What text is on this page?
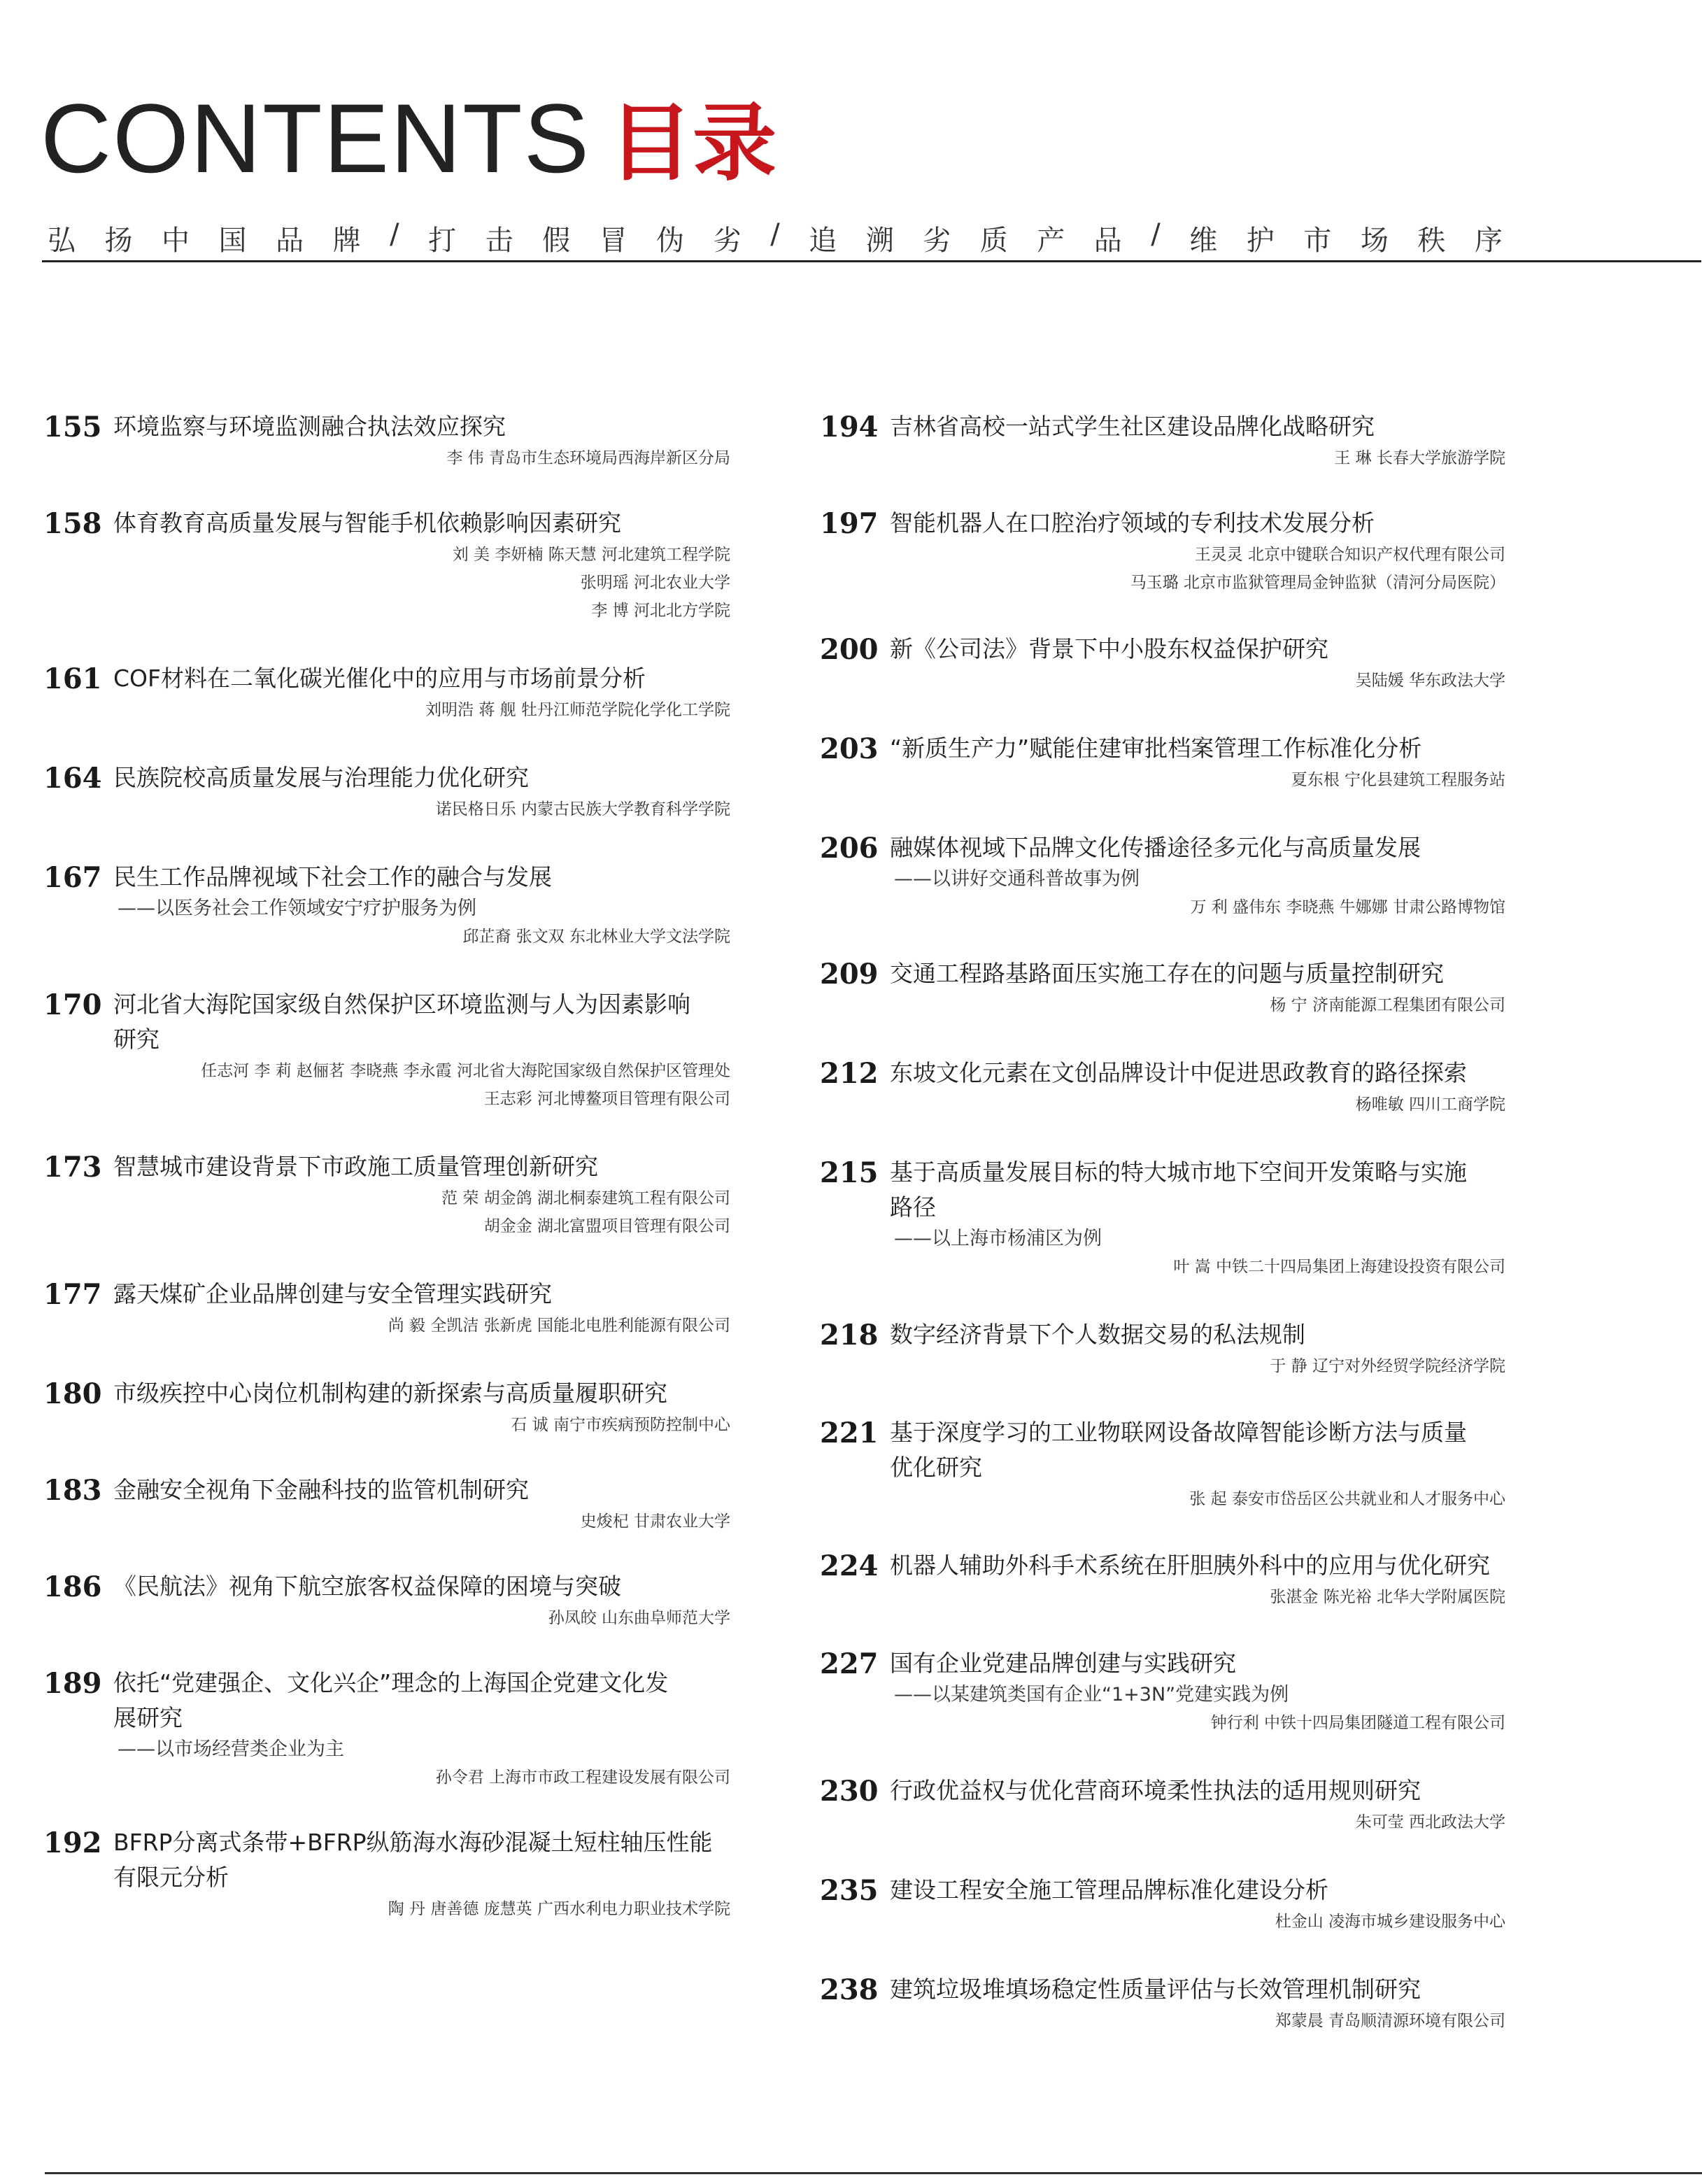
CONTENTS 目录
弘 扬 中 国 品 牌 / 打 击 假 冒 伪 劣 / 追 溯 劣 质 产 品 / 维 护 市 场 秩 序
155 环境监察与环境监测融合执法效应探究
李 伟 青岛市生态环境局西海岸新区分局
158 体育教育高质量发展与智能手机依赖影响因素研究
刘 美 李妍楠 陈天慧 河北建筑工程学院
张明瑶 河北农业大学
李 博 河北北方学院
161 COF材料在二氧化碳光催化中的应用与市场前景分析
刘明浩 蒋 舰 牡丹江师范学院化学化工学院
164 民族院校高质量发展与治理能力优化研究
诺民格日乐 内蒙古民族大学教育科学学院
167 民生工作品牌视域下社会工作的融合与发展
——以医务社会工作领域安宁疗护服务为例
邱芷裔 张文双 东北林业大学文法学院
170 河北省大海陀国家级自然保护区环境监测与人为因素影响
研究
任志河 李 莉 赵俪茗 李晓燕 李永霞 河北省大海陀国家级自然保护区管理处
王志彩 河北博鳌项目管理有限公司
173 智慧城市建设背景下市政施工质量管理创新研究
范 荣 胡金鸽 湖北桐泰建筑工程有限公司
胡金金 湖北富盟项目管理有限公司
177 露天煤矿企业品牌创建与安全管理实践研究
尚 毅 全凯洁 张新虎 国能北电胜利能源有限公司
180 市级疾控中心岗位机制构建的新探索与高质量履职研究
石 诚 南宁市疾病预防控制中心
183 金融安全视角下金融科技的监管机制研究
史焌杞 甘肃农业大学
186 《民航法》视角下航空旅客权益保障的困境与突破
孙凤皎 山东曲阜师范大学
189 依托“党建强企、文化兴企”理念的上海国企党建文化发
展研究
——以市场经营类企业为主
孙令君 上海市市政工程建设发展有限公司
192 BFRP分离式条带+BFRP纵筋海水海砂混凝土短柱轴压性能
有限元分析
陶 丹 唐善德 庞慧英 广西水利电力职业技术学院
194 吉林省高校一站式学生社区建设品牌化战略研究
王 琳 长春大学旅游学院
197 智能机器人在口腔治疗领域的专利技术发展分析
王灵灵 北京中键联合知识产权代理有限公司
马玉璐 北京市监狱管理局金钟监狱（清河分局医院）
200 新《公司法》背景下中小股东权益保护研究
吴陆媛 华东政法大学
203 “新质生产力”赋能住建审批档案管理工作标准化分析
夏东根 宁化县建筑工程服务站
206 融媒体视域下品牌文化传播途径多元化与高质量发展
——以讲好交通科普故事为例
万 利 盛伟东 李晓燕 牛娜娜 甘肃公路博物馆
209 交通工程路基路面压实施工存在的问题与质量控制研究
杨 宁 济南能源工程集团有限公司
212 东坡文化元素在文创品牌设计中促进思政教育的路径探索
杨唯敏 四川工商学院
215 基于高质量发展目标的特大城市地下空间开发策略与实施
路径
——以上海市杨浦区为例
叶 嵩 中铁二十四局集团上海建设投资有限公司
218 数字经济背景下个人数据交易的私法规制
于 静 辽宁对外经贸学院经济学院
221 基于深度学习的工业物联网设备故障智能诊断方法与质量
优化研究
张 起 泰安市岱岳区公共就业和人才服务中心
224 机器人辅助外科手术系统在肝胆胰外科中的应用与优化研究
张湛金 陈光裕 北华大学附属医院
227 国有企业党建品牌创建与实践研究
——以某建筑类国有企业“1+3N”党建实践为例
钟行利 中铁十四局集团隧道工程有限公司
230 行政优益权与优化营商环境柔性执法的适用规则研究
朱可莹 西北政法大学
235 建设工程安全施工管理品牌标准化建设分析
杜金山 凌海市城乡建设服务中心
238 建筑垃圾堆填场稳定性质量评估与长效管理机制研究
郑蒙晨 青岛顺清源环境有限公司
